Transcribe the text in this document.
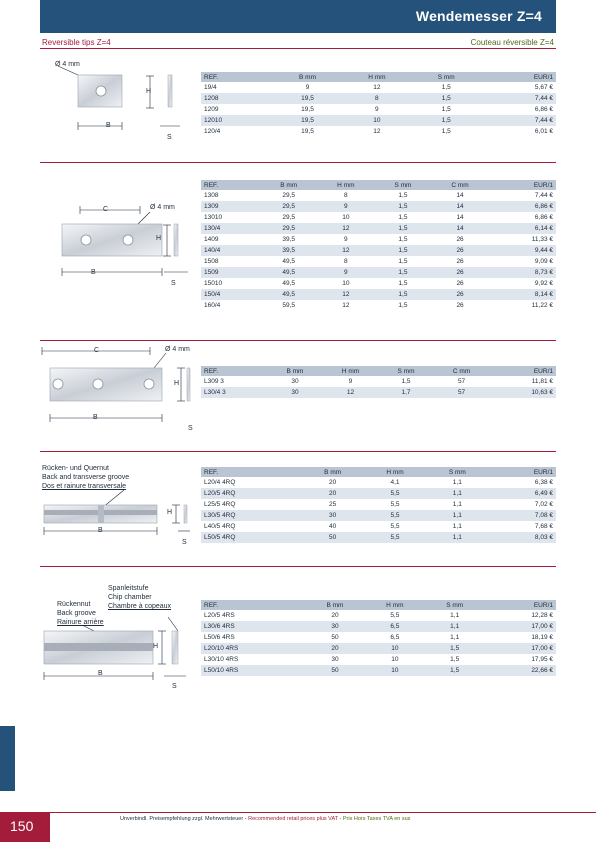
Wendemesser Z=4
Reversible tips Z=4	Couteau réversible Z=4
Ø 4 mm
H
B
S
REF.	B mm	H mm	S mm	EUR/1
19/4	9	12	1,5	5,67 €
1208	19,5	8	1,5	7,44 €
1209	19,5	9	1,5	6,86 €
12010	19,5	10	1,5	7,44 €
120/4	19,5	12	1,5	6,01 €
C	Ø 4 mm
H
B
S
REF.	B mm	H mm	S mm	C mm	EUR/1
1308	29,5	8	1,5	14	7,44 €
1309	29,5	9	1,5	14	6,86 €
13010	29,5	10	1,5	14	6,86 €
130/4	29,5	12	1,5	14	6,14 €
1409	39,5	9	1,5	26	11,33 €
140/4	39,5	12	1,5	26	9,44 €
1508	49,5	8	1,5	26	9,09 €
1509	49,5	9	1,5	26	8,73 €
15010	49,5	10	1,5	26	9,92 €
150/4	49,5	12	1,5	26	8,14 €
160/4	59,5	12	1,5	26	11,22 €
C	Ø 4 mm
H
B
S
REF.	B mm	H mm	S mm	C mm	EUR/1
L309 3	30	9	1,5	57	11,81 €
L30/4 3	30	12	1,7	57	10,63 €
Rücken- und Quernut
Back and transverse groove
Dos et rainure transversale
H
B
S
REF.	B mm	H mm	S mm	EUR/1
L20/4 4RQ	20	4,1	1,1	6,38 €
L20/5 4RQ	20	5,5	1,1	6,49 €
L25/5 4RQ	25	5,5	1,1	7,02 €
L30/5 4RQ	30	5,5	1,1	7,08 €
L40/5 4RQ	40	5,5	1,1	7,68 €
L50/5 4RQ	50	5,5	1,1	8,03 €
Spanleitstufe
Chip chamber
Chambre à copeaux
Rückennut
Back groove
Rainure arrière
H
B
S
REF.	B mm	H mm	S mm	EUR/1
L20/5 4RS	20	5,5	1,1	12,28 €
L30/6 4RS	30	6,5	1,1	17,00 €
L50/6 4RS	50	6,5	1,1	18,19 €
L20/10 4RS	20	10	1,5	17,00 €
L30/10 4RS	30	10	1,5	17,95 €
L50/10 4RS	50	10	1,5	22,66 €
150	Unverbindl. Preisempfehlung zzgl. Mehrwertsteuer - Recommended retail prices plus VAT - Prix Hors Taxes TVA en sus
